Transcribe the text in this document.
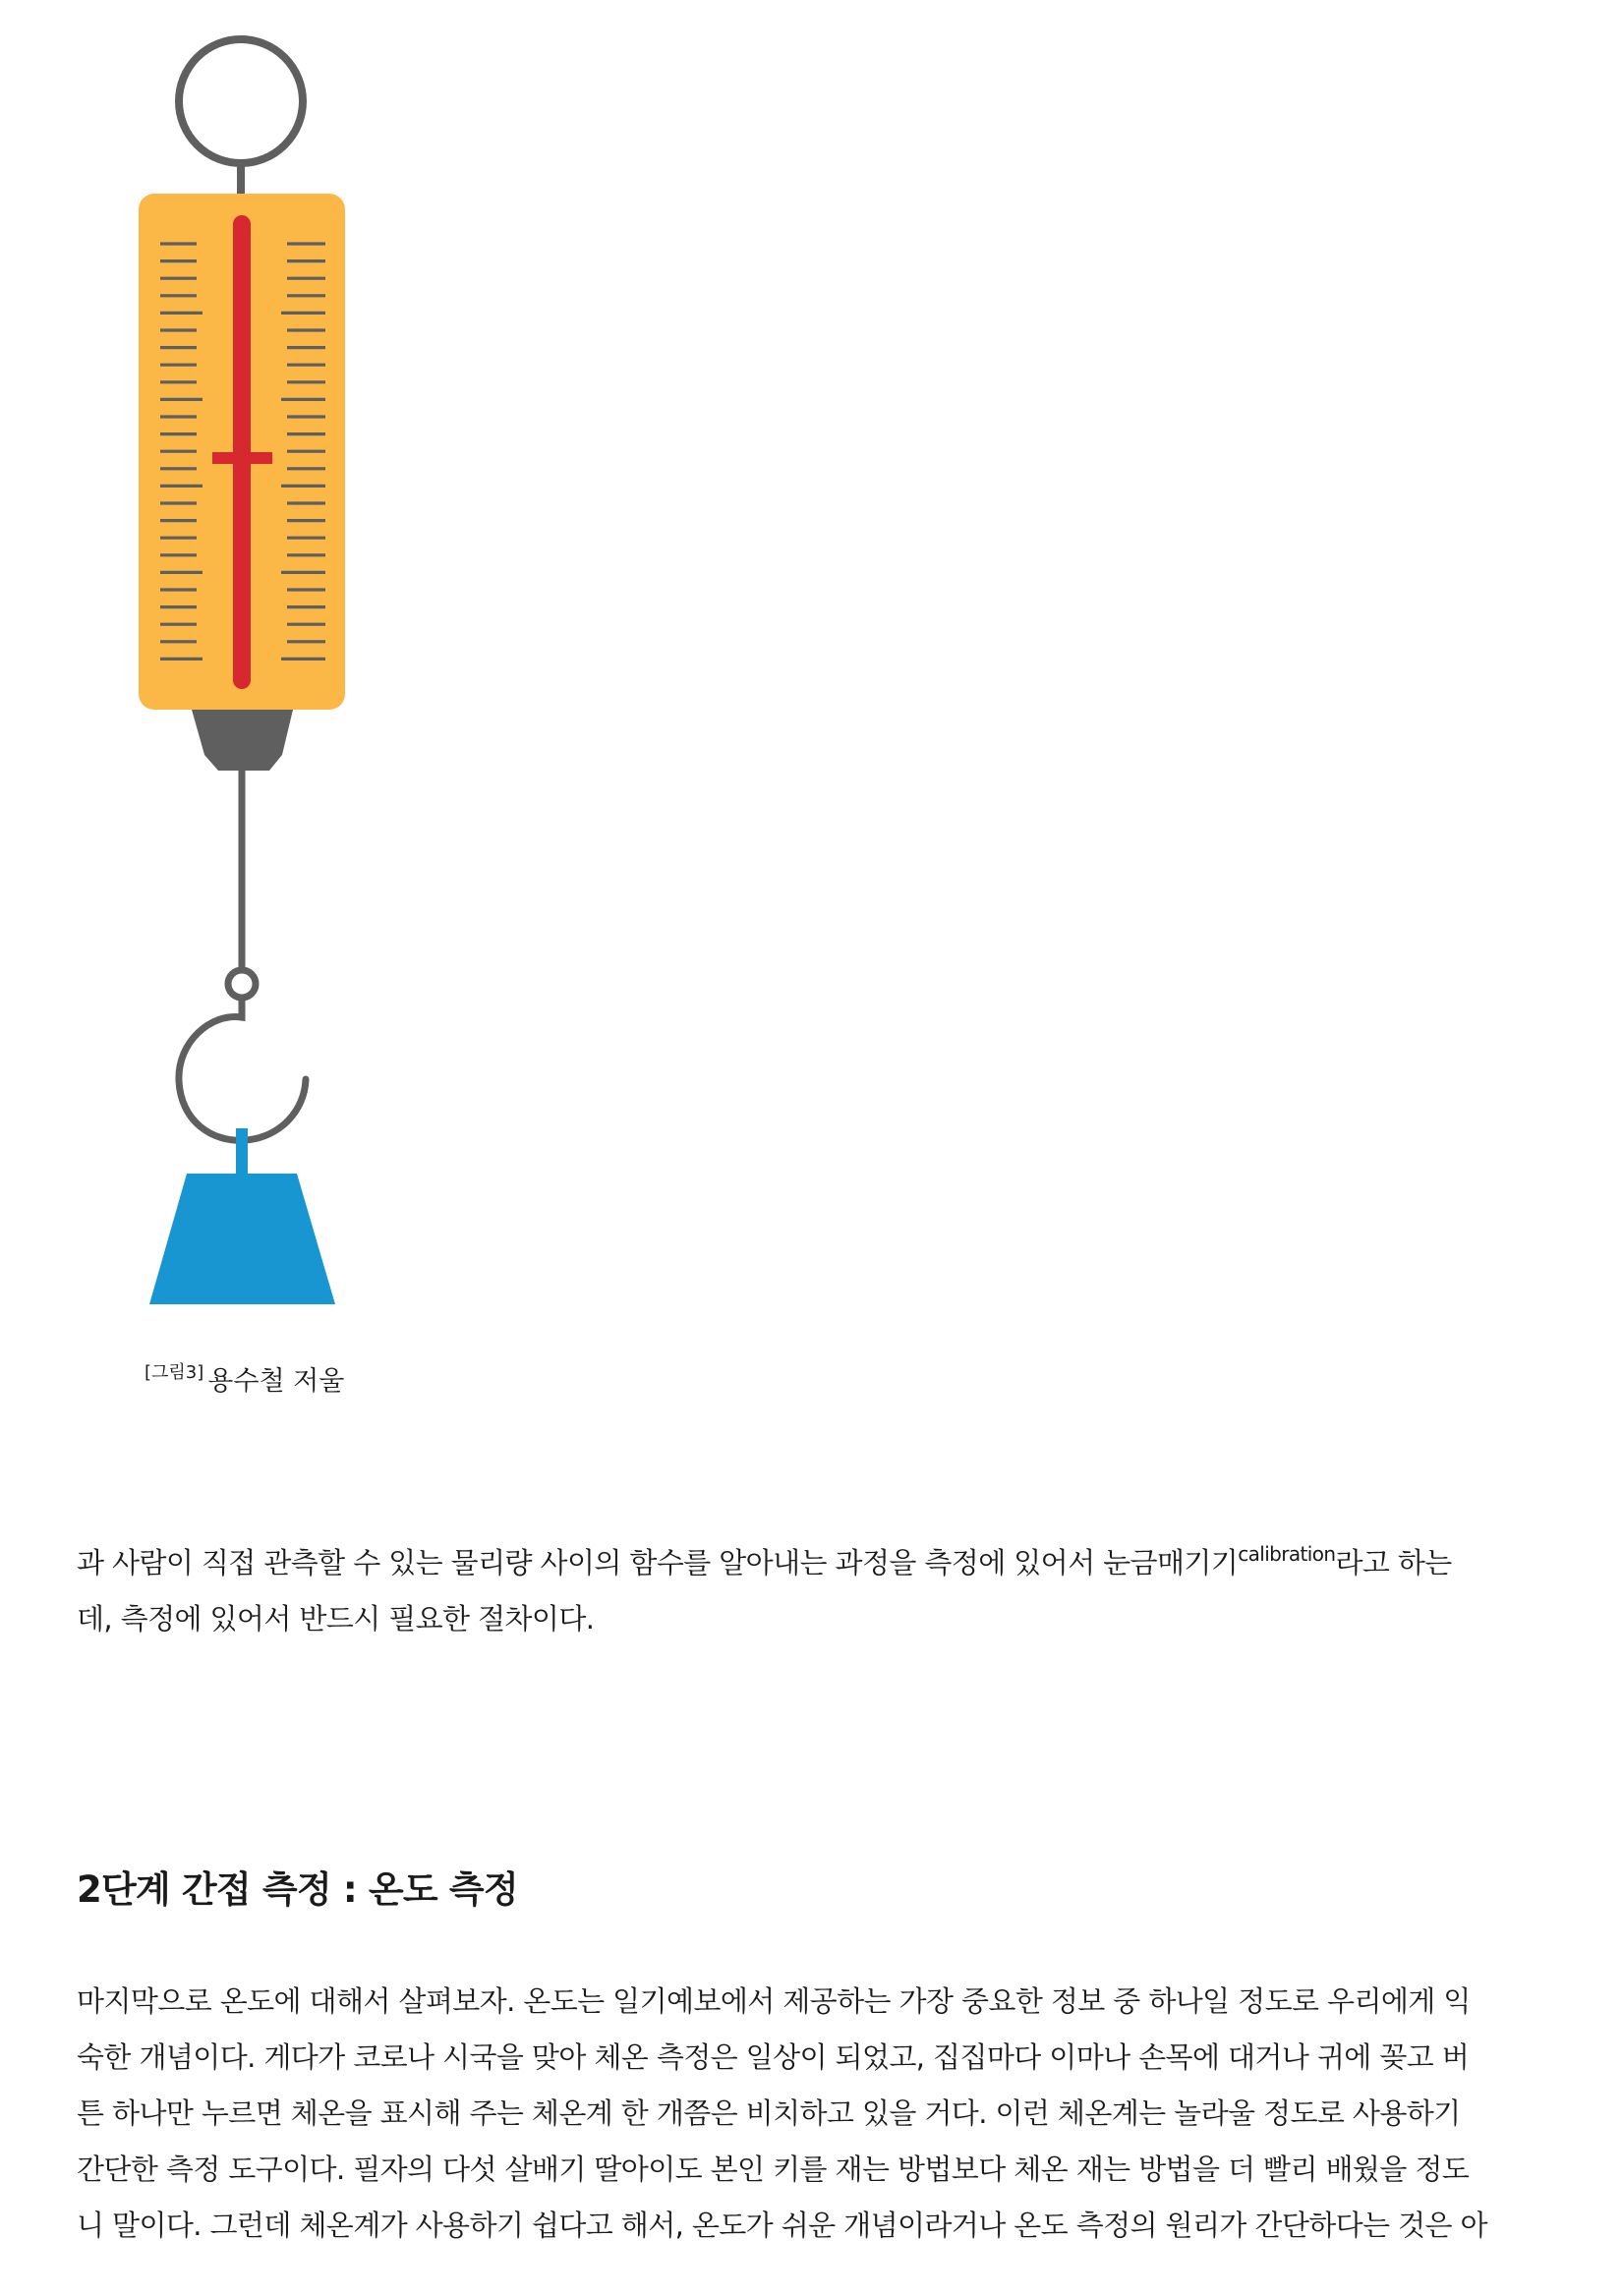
[그림3] 용수철 저울
과 사람이 직접 관측할 수 있는 물리량 사이의 함수를 알아내는 과정을 측정에 있어서 눈금매기기$^{calibration}$라고 하는
데, 측정에 있어서 반드시 필요한 절차이다.
2단계 간접 측정 : 온도 측정
마지막으로 온도에 대해서 살펴보자. 온도는 일기예보에서 제공하는 가장 중요한 정보 중 하나일 정도로 우리에게 익
숙한 개념이다. 게다가 코로나 시국을 맞아 체온 측정은 일상이 되었고, 집집마다 이마나 손목에 대거나 귀에 꽂고 버
튼 하나만 누르면 체온을 표시해 주는 체온계 한 개쯤은 비치하고 있을 거다. 이런 체온계는 놀라울 정도로 사용하기
간단한 측정 도구이다. 필자의 다섯 살배기 딸아이도 본인 키를 재는 방법보다 체온 재는 방법을 더 빨리 배웠을 정도
니 말이다. 그런데 체온계가 사용하기 쉽다고 해서, 온도가 쉬운 개념이라거나 온도 측정의 원리가 간단하다는 것은 아
